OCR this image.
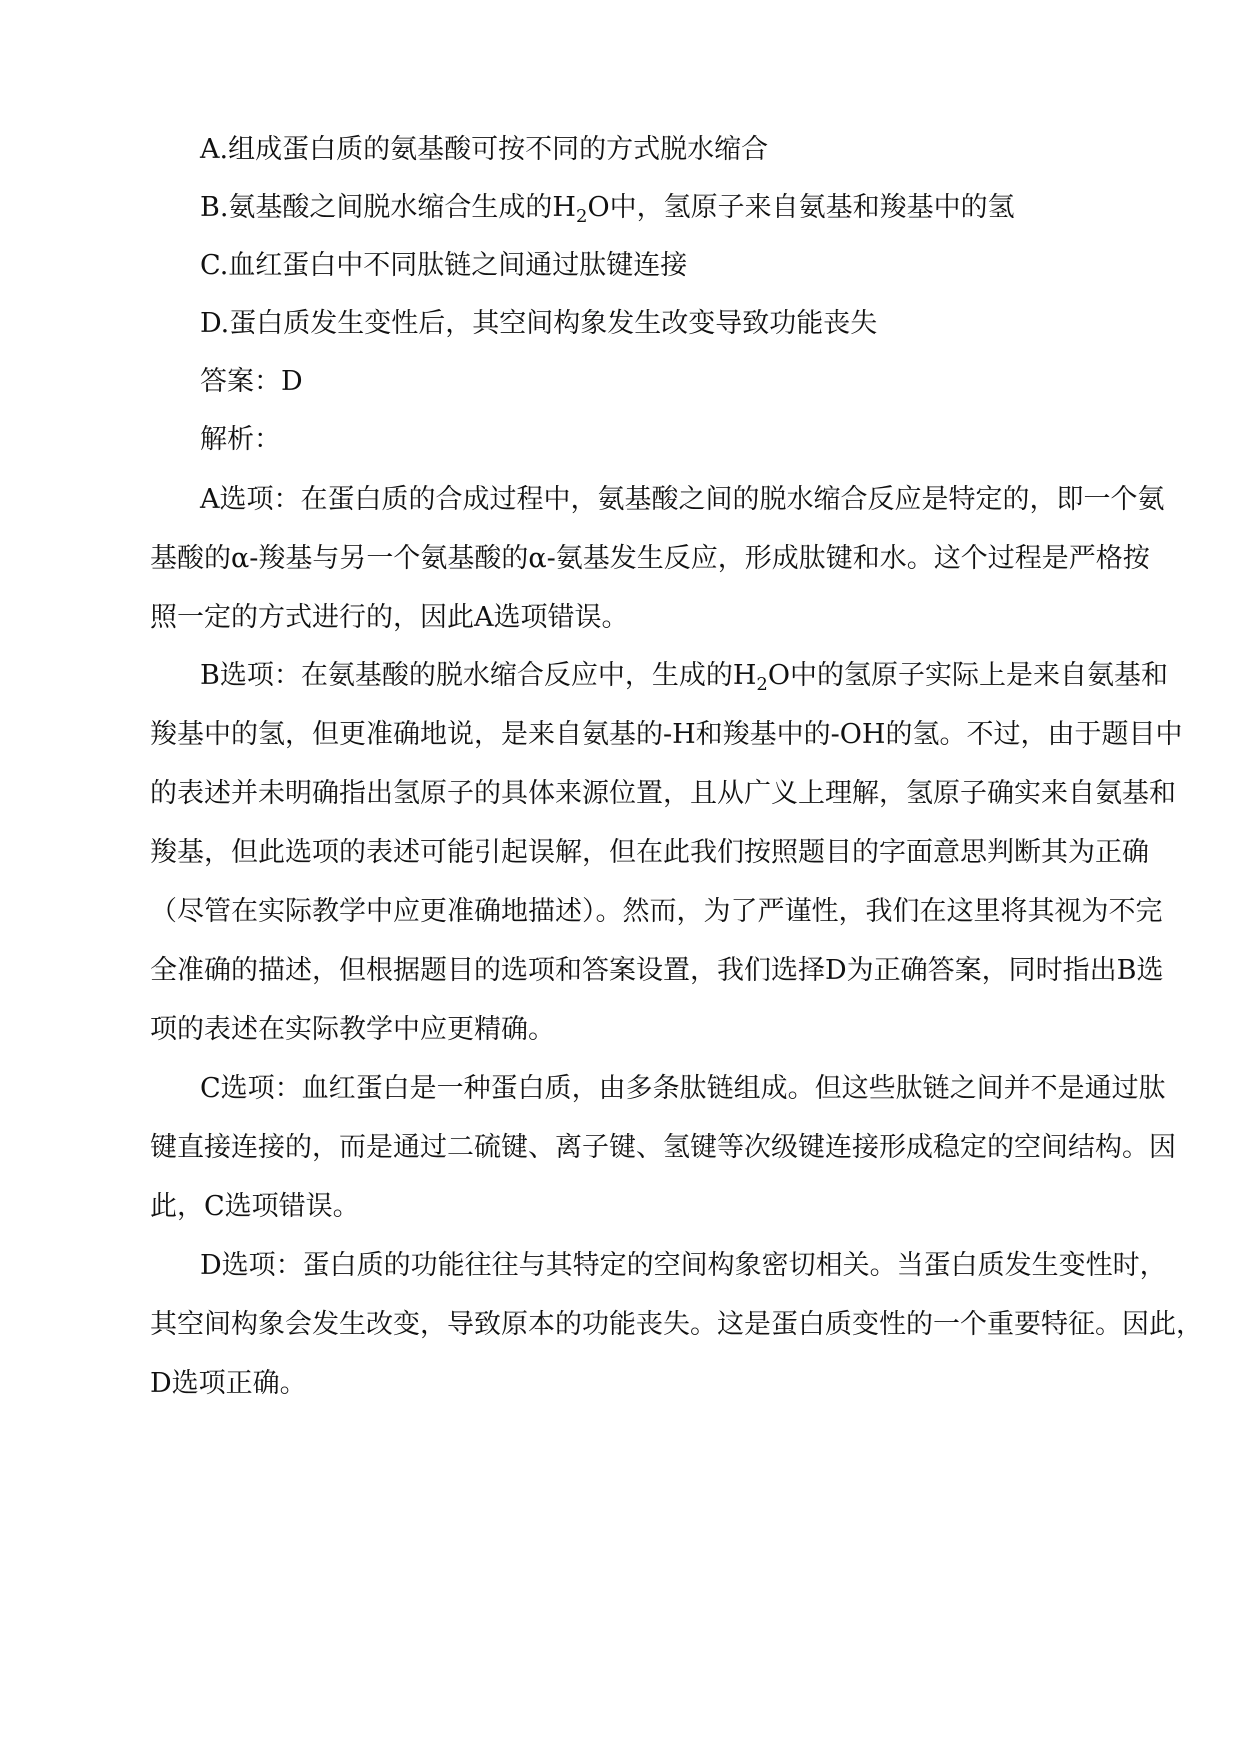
A.组成蛋白质的氨基酸可按不同的方式脱水缩合

B.氨基酸之间脱水缩合生成的$H_2O$中，氢原子来自氨基和羧基中的氢

C.血红蛋白中不同肽链之间通过肽键连接

D.蛋白质发生变性后，其空间构象发生改变导致功能丧失

答案：D

解析：

A选项：在蛋白质的合成过程中，氨基酸之间的脱水缩合反应是特定的，即一个氨

基酸的α-羧基与另一个氨基酸的α-氨基发生反应，形成肽键和水。这个过程是严格按

照一定的方式进行的，因此A选项错误。

B选项：在氨基酸的脱水缩合反应中，生成的$H_2O$中的氢原子实际上是来自氨基和

羧基中的氢，但更准确地说，是来自氨基的-H和羧基中的-OH的氢。不过，由于题目中

的表述并未明确指出氢原子的具体来源位置，且从广义上理解，氢原子确实来自氨基和

羧基，但此选项的表述可能引起误解，但在此我们按照题目的字面意思判断其为正确

（尽管在实际教学中应更准确地描述）。然而，为了严谨性，我们在这里将其视为不完

全准确的描述，但根据题目的选项和答案设置，我们选择D为正确答案，同时指出B选

项的表述在实际教学中应更精确。

C选项：血红蛋白是一种蛋白质，由多条肽链组成。但这些肽链之间并不是通过肽

键直接连接的，而是通过二硫键、离子键、氢键等次级键连接形成稳定的空间结构。因

此，C选项错误。

D选项：蛋白质的功能往往与其特定的空间构象密切相关。当蛋白质发生变性时，

其空间构象会发生改变，导致原本的功能丧失。这是蛋白质变性的一个重要特征。因此，

D选项正确。
